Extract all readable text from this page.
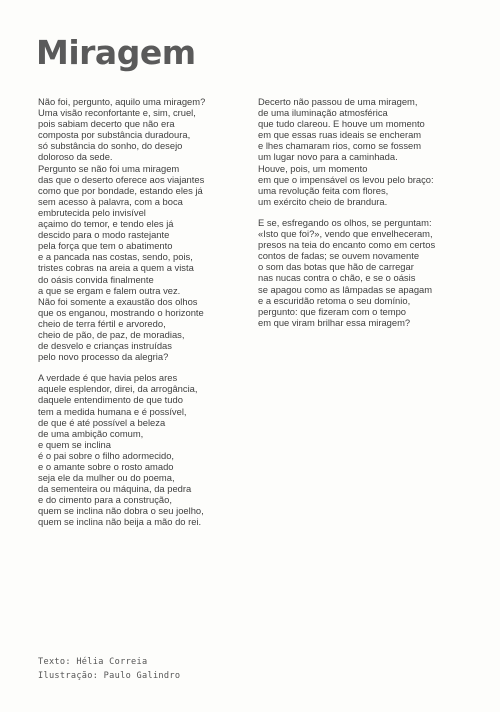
Miragem

Não foi, pergunto, aquilo uma miragem?
Uma visão reconfortante e, sim, cruel,
pois sabiam decerto que não era
composta por substância duradoura,
só substância do sonho, do desejo
doloroso da sede.
Pergunto se não foi uma miragem
das que o deserto oferece aos viajantes
como que por bondade, estando eles já
sem acesso à palavra, com a boca
embrutecida pelo invisível
açaimo do temor, e tendo eles já
descido para o modo rastejante
pela força que tem o abatimento
e a pancada nas costas, sendo, pois,
tristes cobras na areia a quem a vista
do oásis convida finalmente
a que se ergam e falem outra vez.
Não foi somente a exaustão dos olhos
que os enganou, mostrando o horizonte
cheio de terra fértil e arvoredo,
cheio de pão, de paz, de moradias,
de desvelo e crianças instruídas
pelo novo processo da alegria?

A verdade é que havia pelos ares
aquele esplendor, direi, da arrogância,
daquele entendimento de que tudo
tem a medida humana e é possível,
de que é até possível a beleza
de uma ambição comum,
e quem se inclina
é o pai sobre o filho adormecido,
e o amante sobre o rosto amado
seja ele da mulher ou do poema,
da sementeira ou máquina, da pedra
e do cimento para a construção,
quem se inclina não dobra o seu joelho,
quem se inclina não beija a mão do rei.

Decerto não passou de uma miragem,
de uma iluminação atmosférica
que tudo clareou. E houve um momento
em que essas ruas ideais se encheram
e lhes chamaram rios, como se fossem
um lugar novo para a caminhada.
Houve, pois, um momento
em que o impensável os levou pelo braço:
uma revolução feita com flores,
um exército cheio de brandura.

E se, esfregando os olhos, se perguntam:
«Isto que foi?», vendo que envelheceram,
presos na teia do encanto como em certos
contos de fadas; se ouvem novamente
o som das botas que hão de carregar
nas nucas contra o chão, e se o oásis
se apagou como as lâmpadas se apagam
e a escuridão retoma o seu domínio,
pergunto: que fizeram com o tempo
em que viram brilhar essa miragem?

Texto: Hélia Correia
Ilustração: Paulo Galindro
